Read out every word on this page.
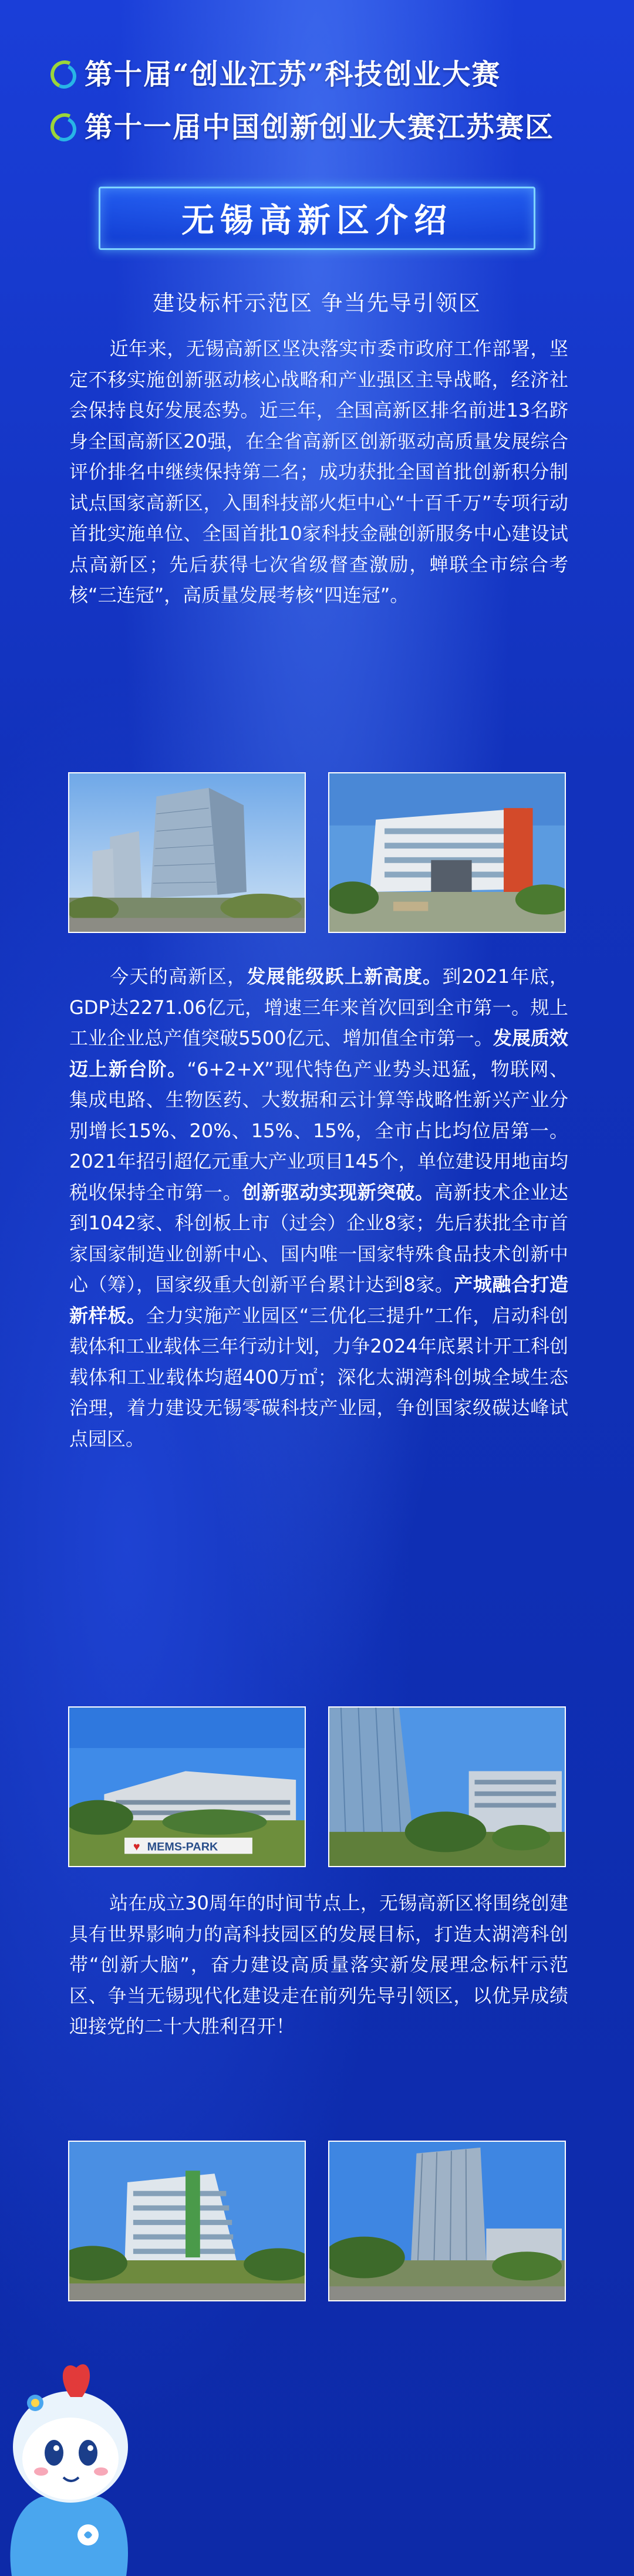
第十届“创业江苏”科技创业大赛
第十一届中国创新创业大赛江苏赛区
无锡高新区介绍
建设标杆示范区 争当先导引领区
近年来，无锡高新区坚决落实市委市政府工作部署，坚定不移实施创新驱动核心战略和产业强区主导战略，经济社会保持良好发展态势。近三年，全国高新区排名前进13名跻身全国高新区20强，在全省高新区创新驱动高质量发展综合评价排名中继续保持第二名；成功获批全国首批创新积分制试点国家高新区，入围科技部火炬中心“十百千万”专项行动首批实施单位、全国首批10家科技金融创新服务中心建设试点高新区；先后获得七次省级督查激励，蝉联全市综合考核“三连冠”，高质量发展考核“四连冠”。
今天的高新区，发展能级跃上新高度。到2021年底，GDP达2271.06亿元，增速三年来首次回到全市第一。规上工业企业总产值突破5500亿元、增加值全市第一。发展质效迈上新台阶。“6+2+X”现代特色产业势头迅猛，物联网、集成电路、生物医药、大数据和云计算等战略性新兴产业分别增长15%、20%、15%、15%，全市占比均位居第一。2021年招引超亿元重大产业项目145个，单位建设用地亩均税收保持全市第一。创新驱动实现新突破。高新技术企业达到1042家、科创板上市（过会）企业8家；先后获批全市首家国家制造业创新中心、国内唯一国家特殊食品技术创新中心（筹），国家级重大创新平台累计达到8家。产城融合打造新样板。全力实施产业园区“三优化三提升”工作，启动科创载体和工业载体三年行动计划，力争2024年底累计开工科创载体和工业载体均超400万㎡；深化太湖湾科创城全域生态治理，着力建设无锡零碳科技产业园，争创国家级碳达峰试点园区。
♥ MEMS-PARK
站在成立30周年的时间节点上，无锡高新区将围绕创建具有世界影响力的高科技园区的发展目标，打造太湖湾科创带“创新大脑”，奋力建设高质量落实新发展理念标杆示范区、争当无锡现代化建设走在前列先导引领区，以优异成绩迎接党的二十大胜利召开！
